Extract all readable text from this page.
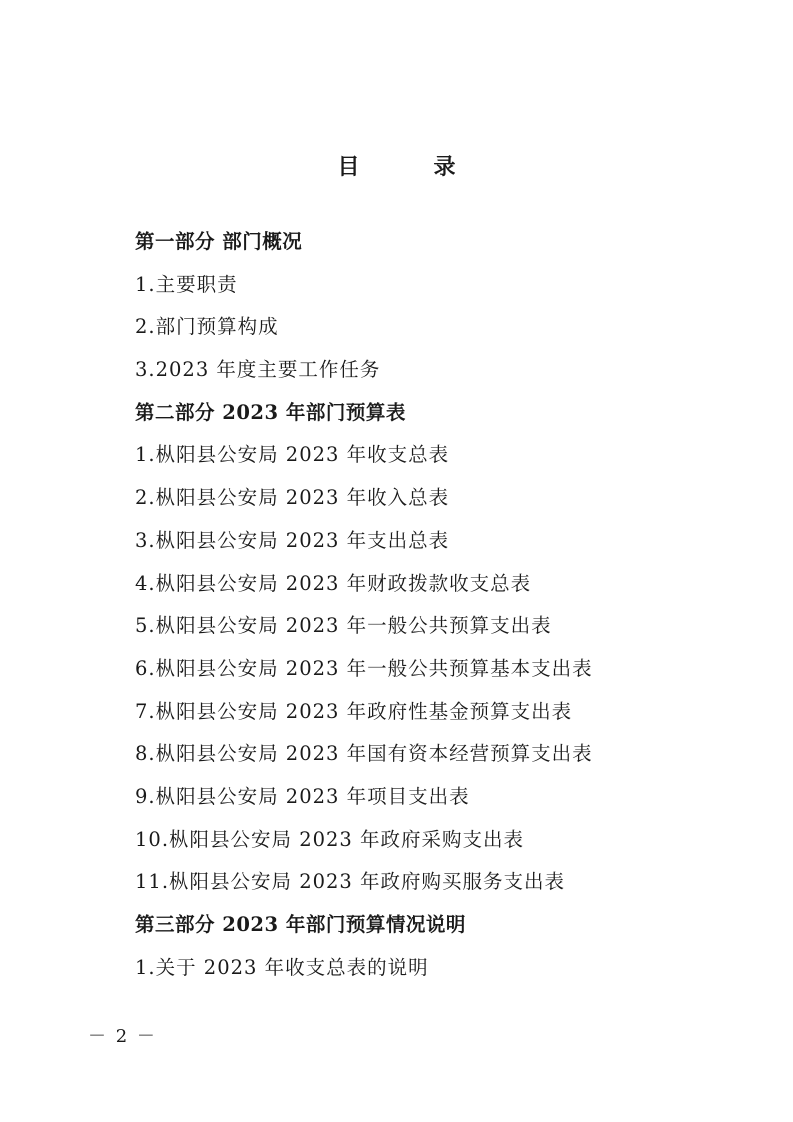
目　录
第一部分 部门概况
1.主要职责
2.部门预算构成
3.2023 年度主要工作任务
第二部分 2023 年部门预算表
1.枞阳县公安局 2023 年收支总表
2.枞阳县公安局 2023 年收入总表
3.枞阳县公安局 2023 年支出总表
4.枞阳县公安局 2023 年财政拨款收支总表
5.枞阳县公安局 2023 年一般公共预算支出表
6.枞阳县公安局 2023 年一般公共预算基本支出表
7.枞阳县公安局 2023 年政府性基金预算支出表
8.枞阳县公安局 2023 年国有资本经营预算支出表
9.枞阳县公安局 2023 年项目支出表
10.枞阳县公安局 2023 年政府采购支出表
11.枞阳县公安局 2023 年政府购买服务支出表
第三部分 2023 年部门预算情况说明
1.关于 2023 年收支总表的说明
－ 2 －
